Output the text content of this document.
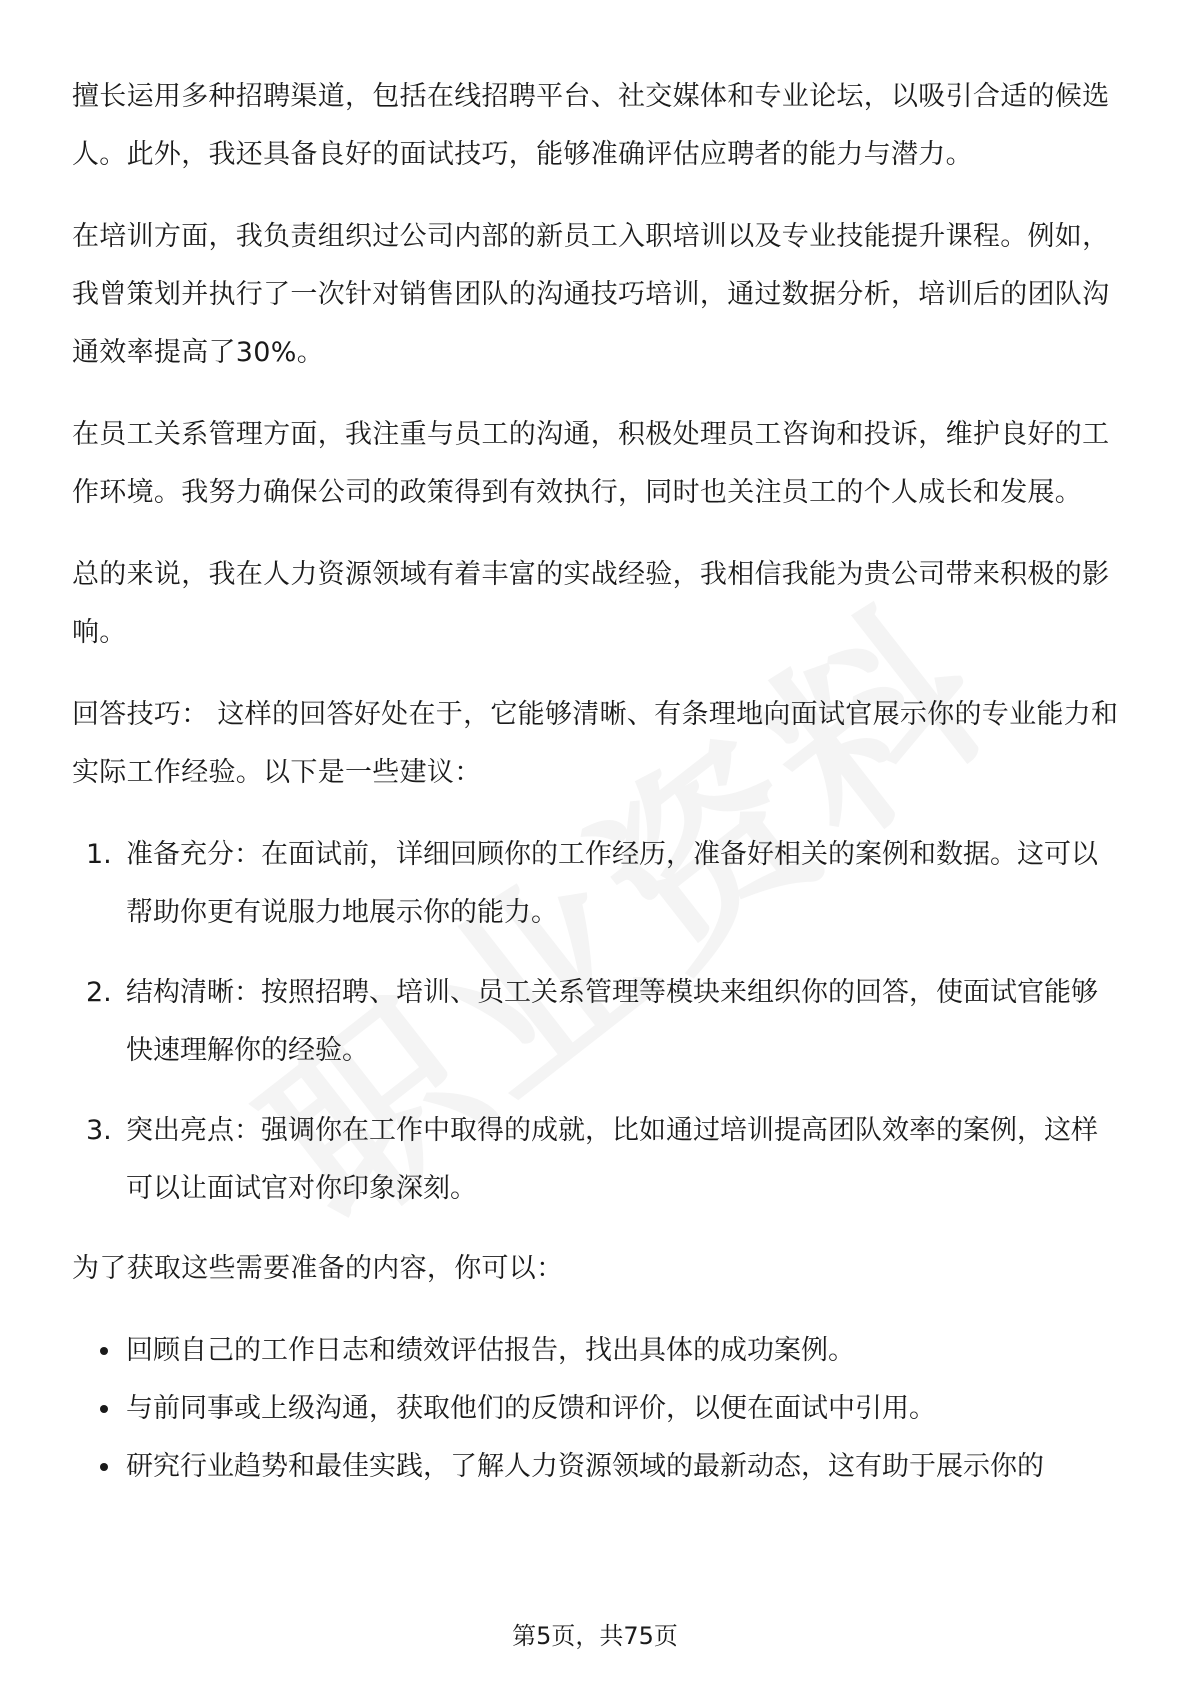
擅长运用多种招聘渠道，包括在线招聘平台、社交媒体和专业论坛，以吸引合适的候选人。此外，我还具备良好的面试技巧，能够准确评估应聘者的能力与潜力。

在培训方面，我负责组织过公司内部的新员工入职培训以及专业技能提升课程。例如，我曾策划并执行了一次针对销售团队的沟通技巧培训，通过数据分析，培训后的团队沟通效率提高了30%。

在员工关系管理方面，我注重与员工的沟通，积极处理员工咨询和投诉，维护良好的工作环境。我努力确保公司的政策得到有效执行，同时也关注员工的个人成长和发展。

总的来说，我在人力资源领域有着丰富的实战经验，我相信我能为贵公司带来积极的影响。

回答技巧： 这样的回答好处在于，它能够清晰、有条理地向面试官展示你的专业能力和实际工作经验。以下是一些建议：

1. 准备充分：在面试前，详细回顾你的工作经历，准备好相关的案例和数据。这可以帮助你更有说服力地展示你的能力。
2. 结构清晰：按照招聘、培训、员工关系管理等模块来组织你的回答，使面试官能够快速理解你的经验。
3. 突出亮点：强调你在工作中取得的成就，比如通过培训提高团队效率的案例，这样可以让面试官对你印象深刻。

为了获取这些需要准备的内容，你可以：

回顾自己的工作日志和绩效评估报告，找出具体的成功案例。
与前同事或上级沟通，获取他们的反馈和评价，以便在面试中引用。
研究行业趋势和最佳实践，了解人力资源领域的最新动态，这有助于展示你的
第5页，共75页
